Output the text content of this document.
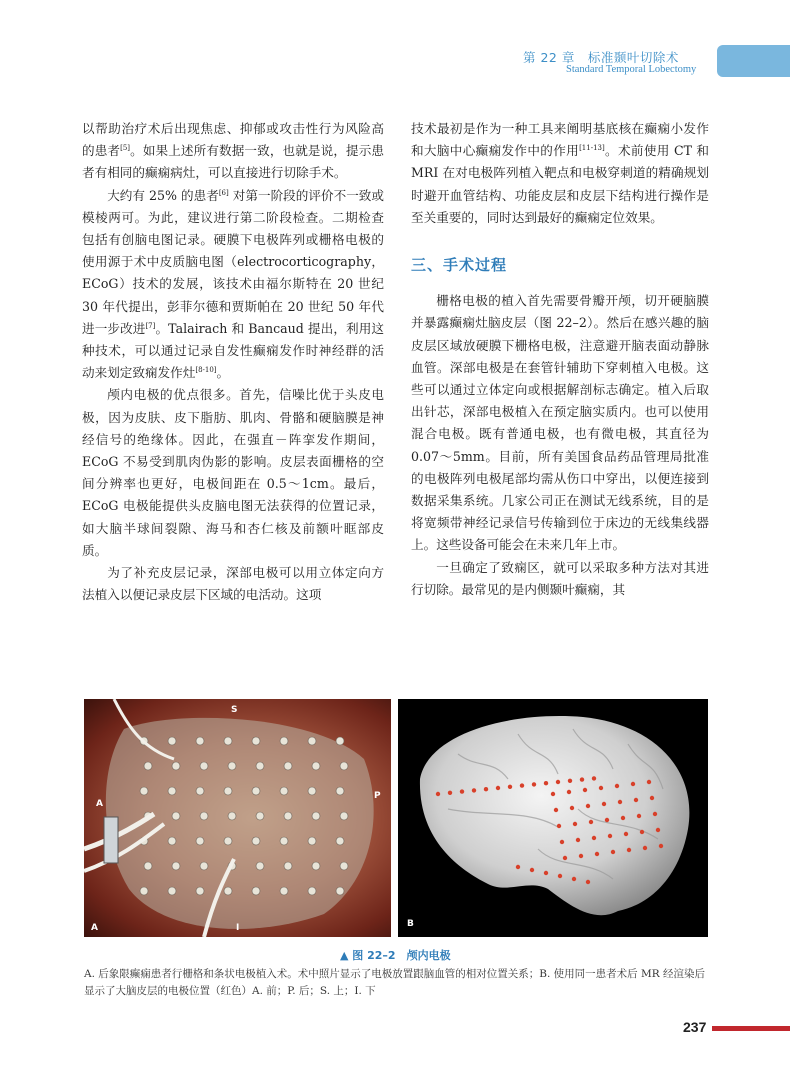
第 22 章　标准颞叶切除术
Standard Temporal Lobectomy

以帮助治疗术后出现焦虑、抑郁或攻击性行为风险高的患者[5]。如果上述所有数据一致，也就是说，提示患者有相同的癫痫病灶，可以直接进行切除手术。

大约有 25% 的患者[6] 对第一阶段的评价不一致或模棱两可。为此，建议进行第二阶段检查。二期检查包括有创脑电图记录。硬膜下电极阵列或栅格电极的使用源于术中皮质脑电图（electrocorticography，ECoG）技术的发展，该技术由福尔斯特在 20 世纪 30 年代提出，彭菲尔德和贾斯帕在 20 世纪 50 年代进一步改进[7]。Talairach 和 Bancaud 提出，利用这种技术，可以通过记录自发性癫痫发作时神经群的活动来划定致痫发作灶[8-10]。

颅内电极的优点很多。首先，信噪比优于头皮电极，因为皮肤、皮下脂肪、肌肉、骨骼和硬脑膜是神经信号的绝缘体。因此，在强直－阵挛发作期间，ECoG 不易受到肌肉伪影的影响。皮层表面栅格的空间分辨率也更好，电极间距在 0.5～1cm。最后，ECoG 电极能提供头皮脑电图无法获得的位置记录，如大脑半球间裂隙、海马和杏仁核及前额叶眶部皮质。

为了补充皮层记录，深部电极可以用立体定向方法植入以便记录皮层下区域的电活动。这项

技术最初是作为一种工具来阐明基底核在癫痫小发作和大脑中心癫痫发作中的作用[11-13]。术前使用 CT 和 MRI 在对电极阵列植入靶点和电极穿刺道的精确规划时避开血管结构、功能皮层和皮层下结构进行操作是至关重要的，同时达到最好的癫痫定位效果。

三、手术过程

栅格电极的植入首先需要骨瓣开颅，切开硬脑膜并暴露癫痫灶脑皮层（图 22–2）。然后在感兴趣的脑皮层区域放硬膜下栅格电极，注意避开脑表面动静脉血管。深部电极是在套管针辅助下穿刺植入电极。这些可以通过立体定向或根据解剖标志确定。植入后取出针芯，深部电极植入在预定脑实质内。也可以使用混合电极。既有普通电极，也有微电极，其直径为 0.07～5mm。目前，所有美国食品药品管理局批准的电极阵列电极尾部均需从伤口中穿出，以便连接到数据采集系统。几家公司正在测试无线系统，目的是将宽频带神经记录信号传输到位于床边的无线集线器上。这些设备可能会在未来几年上市。

一旦确定了致痫区，就可以采取多种方法对其进行切除。最常见的是内侧颞叶癫痫，其

S
A
P
I
A	B
▲ 图 22–2　颅内电极
A. 后象限癫痫患者行栅格和条状电极植入术。术中照片显示了电极放置跟脑血管的相对位置关系；B. 使用同一患者术后 MR 经渲染后显示了大脑皮层的电极位置（红色）A. 前；P. 后；S. 上；I. 下
237
